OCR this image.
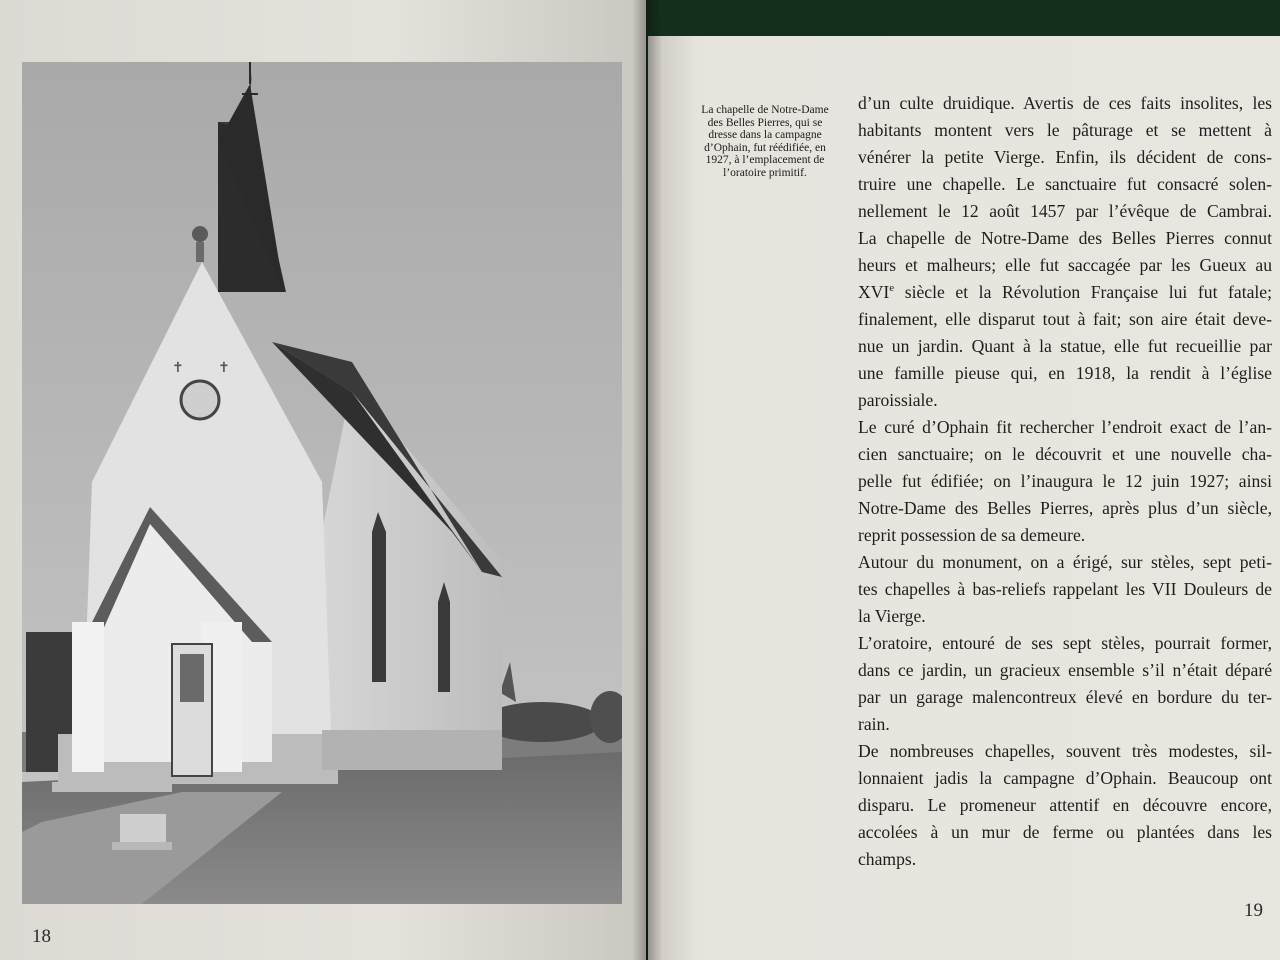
✝ ✝
18
La chapelle de Notre-Dame
des Belles Pierres, qui se
dresse dans la campagne
d’Ophain, fut réédifiée, en
1927, à l’emplacement de
l’oratoire primitif.
d’un culte druidique. Avertis de ces faits insolites, les
habitants montent vers le pâturage et se mettent à
vénérer la petite Vierge. Enfin, ils décident de cons-
truire une chapelle. Le sanctuaire fut consacré solen-
nellement le 12 août 1457 par l’évêque de Cambrai.
La chapelle de Notre-Dame des Belles Pierres connut
heurs et malheurs; elle fut saccagée par les Gueux au
XVIe siècle et la Révolution Française lui fut fatale;
finalement, elle disparut tout à fait; son aire était deve-
nue un jardin. Quant à la statue, elle fut recueillie par
une famille pieuse qui, en 1918, la rendit à l’église
paroissiale.
Le curé d’Ophain fit rechercher l’endroit exact de l’an-
cien sanctuaire; on le découvrit et une nouvelle cha-
pelle fut édifiée; on l’inaugura le 12 juin 1927; ainsi
Notre-Dame des Belles Pierres, après plus d’un siècle,
reprit possession de sa demeure.
Autour du monument, on a érigé, sur stèles, sept peti-
tes chapelles à bas-reliefs rappelant les VII Douleurs de
la Vierge.
L’oratoire, entouré de ses sept stèles, pourrait former,
dans ce jardin, un gracieux ensemble s’il n’était déparé
par un garage malencontreux élevé en bordure du ter-
rain.
De nombreuses chapelles, souvent très modestes, sil-
lonnaient jadis la campagne d’Ophain. Beaucoup ont
disparu. Le promeneur attentif en découvre encore,
accolées à un mur de ferme ou plantées dans les
champs.
19
